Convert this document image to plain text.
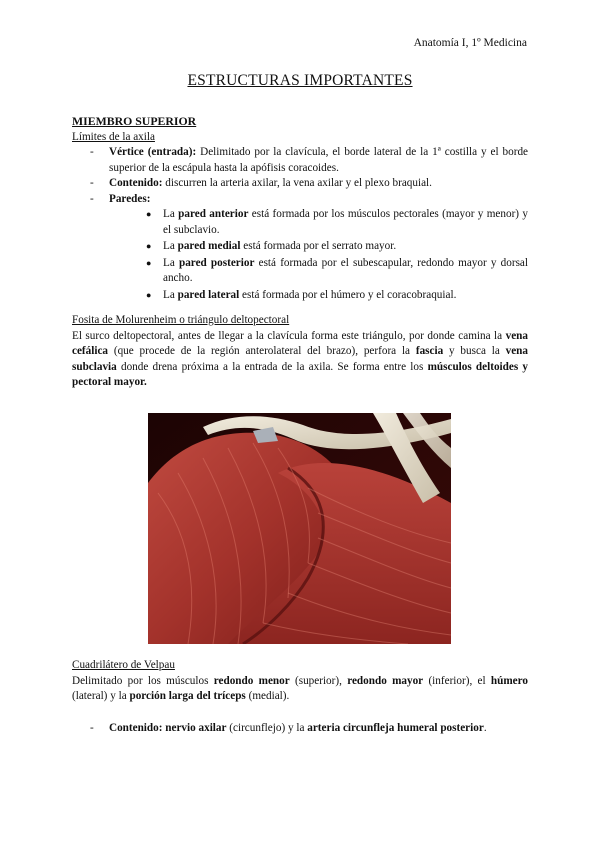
Anatomía I, 1º Medicina
ESTRUCTURAS IMPORTANTES
MIEMBRO SUPERIOR
Límites de la axila
- Vértice (entrada): Delimitado por la clavícula, el borde lateral de la 1ª costilla y el borde superior de la escápula hasta la apófisis coracoides.
- Contenido: discurren la arteria axilar, la vena axilar y el plexo braquial.
- Paredes:
● La pared anterior está formada por los músculos pectorales (mayor y menor) y el subclavio.
● La pared medial está formada por el serrato mayor.
● La pared posterior está formada por el subescapular, redondo mayor y dorsal ancho.
● La pared lateral está formada por el húmero y el coracobraquial.
Fosita de Molurenheim o triángulo deltopectoral
El surco deltopectoral, antes de llegar a la clavícula forma este triángulo, por donde camina la vena cefálica (que procede de la región anterolateral del brazo), perfora la fascia y busca la vena subclavia donde drena próxima a la entrada de la axila. Se forma entre los músculos deltoides y pectoral mayor.
Cuadrilátero de Velpau
Delimitado por los músculos redondo menor (superior), redondo mayor (inferior), el húmero (lateral) y la porción larga del tríceps (medial).
- Contenido: nervio axilar (circunflejo) y la arteria circunfleja humeral posterior.
